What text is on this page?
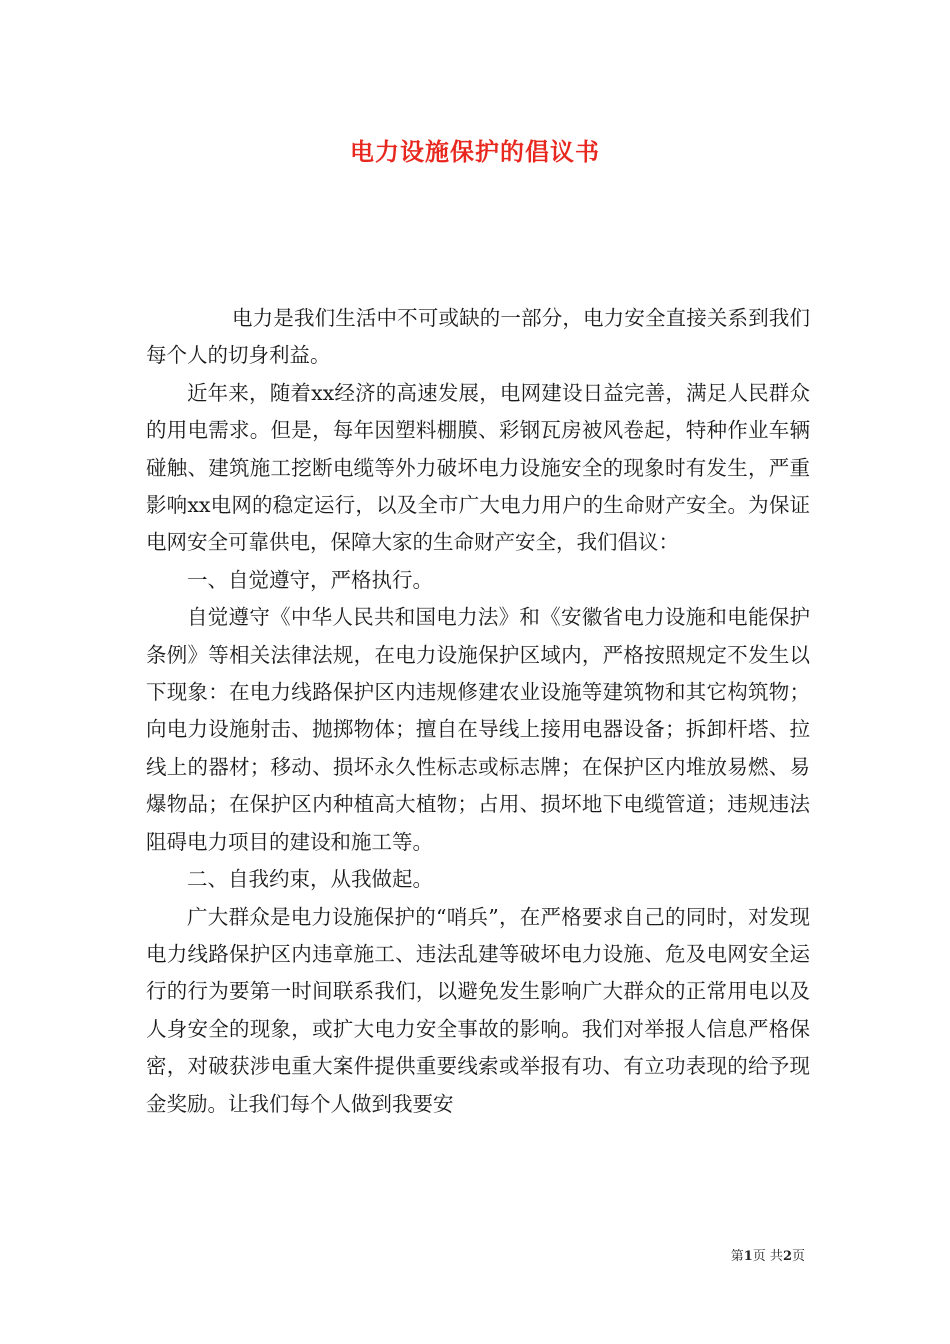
电力设施保护的倡议书

电力是我们生活中不可或缺的一部分，电力安全直接关系到我们每个人的切身利益。

近年来，随着xx经济的高速发展，电网建设日益完善，满足人民群众的用电需求。但是，每年因塑料棚膜、彩钢瓦房被风卷起，特种作业车辆碰触、建筑施工挖断电缆等外力破坏电力设施安全的现象时有发生，严重影响xx电网的稳定运行，以及全市广大电力用户的生命财产安全。为保证电网安全可靠供电，保障大家的生命财产安全，我们倡议：

一、自觉遵守，严格执行。

自觉遵守《中华人民共和国电力法》和《安徽省电力设施和电能保护条例》等相关法律法规，在电力设施保护区域内，严格按照规定不发生以下现象：在电力线路保护区内违规修建农业设施等建筑物和其它构筑物；向电力设施射击、抛掷物体；擅自在导线上接用电器设备；拆卸杆塔、拉线上的器材；移动、损坏永久性标志或标志牌；在保护区内堆放易燃、易爆物品；在保护区内种植高大植物；占用、损坏地下电缆管道；违规违法阻碍电力项目的建设和施工等。

二、自我约束，从我做起。

广大群众是电力设施保护的“哨兵”，在严格要求自己的同时，对发现电力线路保护区内违章施工、违法乱建等破坏电力设施、危及电网安全运行的行为要第一时间联系我们，以避免发生影响广大群众的正常用电以及人身安全的现象，或扩大电力安全事故的影响。我们对举报人信息严格保密，对破获涉电重大案件提供重要线索或举报有功、有立功表现的给予现金奖励。让我们每个人做到我要安

第1页 共2页
